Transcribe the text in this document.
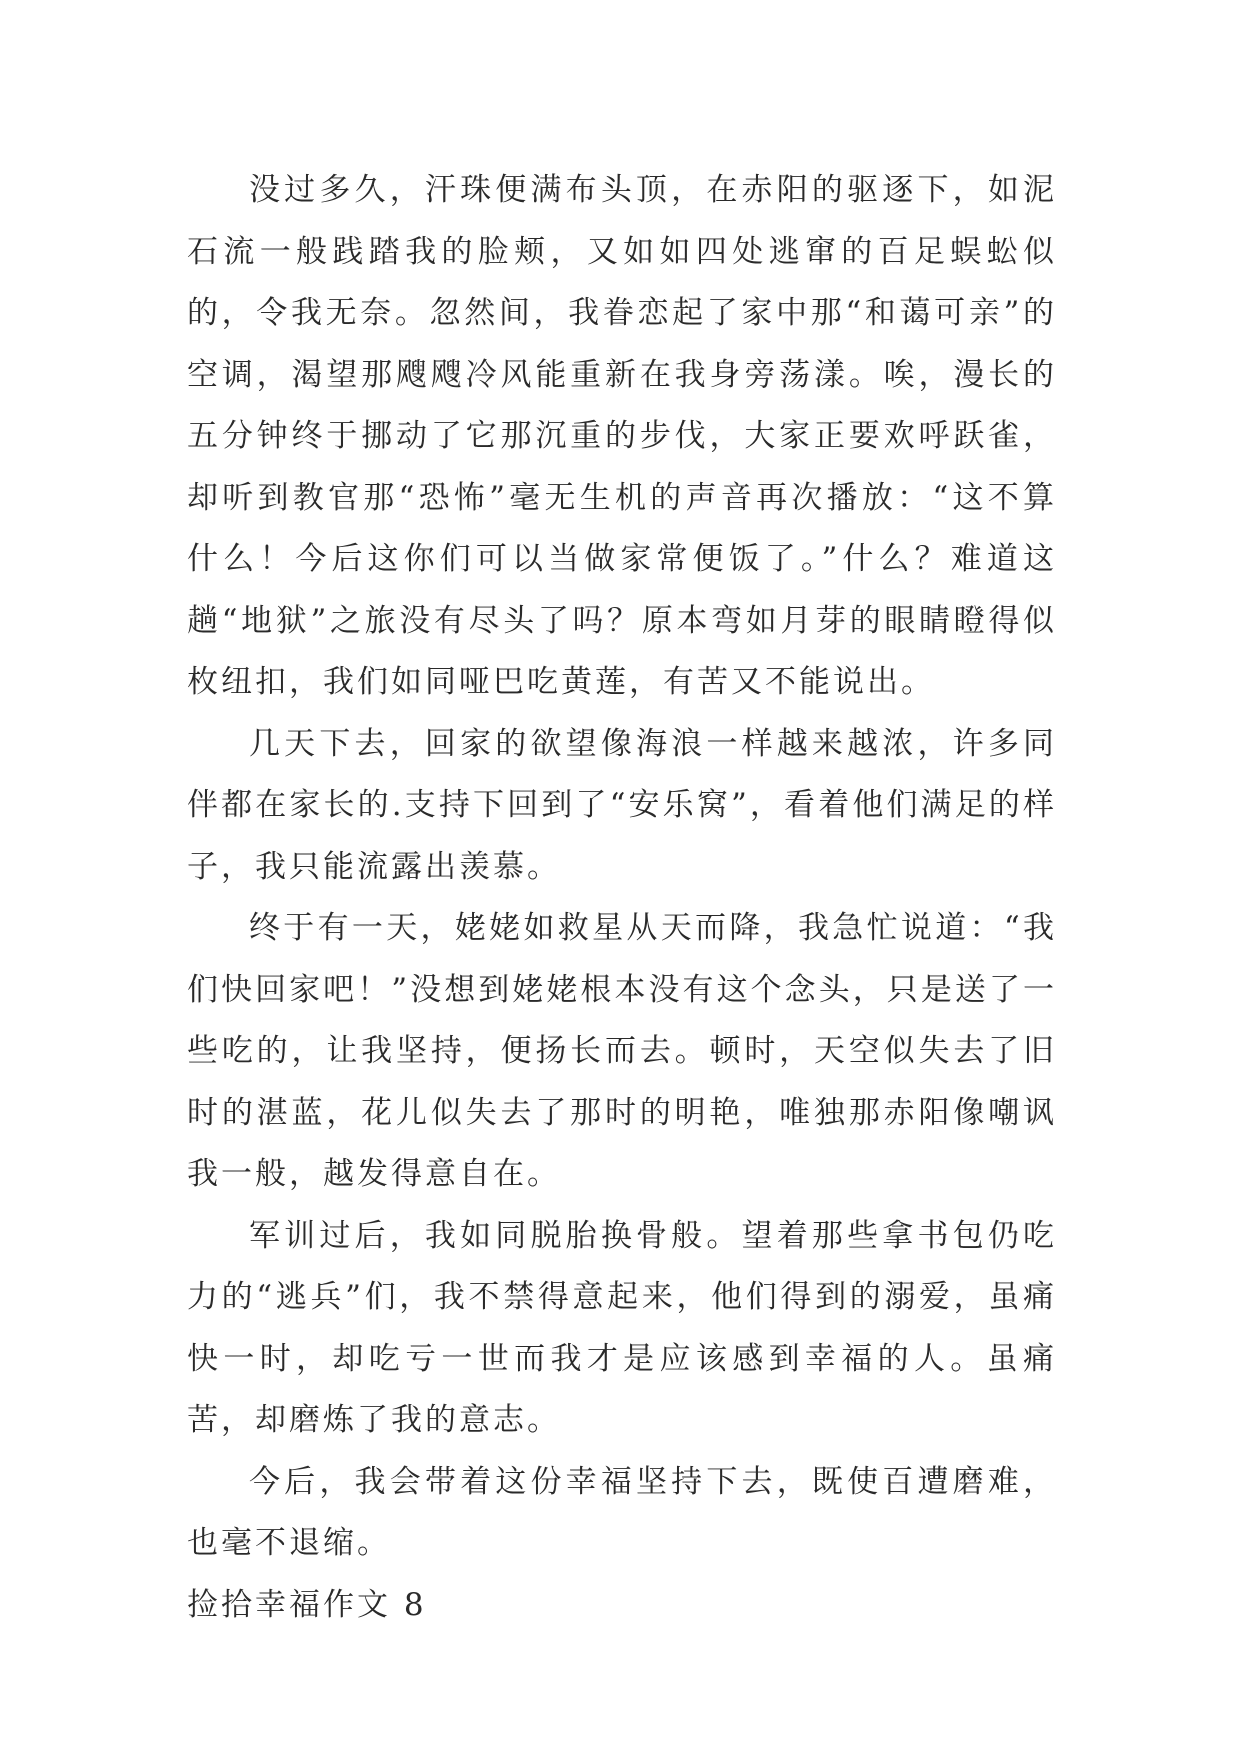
没过多久，汗珠便满布头顶，在赤阳的驱逐下，如泥石流一般践踏我的脸颊，又如如四处逃窜的百足蜈蚣似的，令我无奈。忽然间，我眷恋起了家中那“和蔼可亲”的空调，渴望那飕飕冷风能重新在我身旁荡漾。唉，漫长的五分钟终于挪动了它那沉重的步伐，大家正要欢呼跃雀，却听到教官那“恐怖”毫无生机的声音再次播放：“这不算什么！今后这你们可以当做家常便饭了。”什么？难道这趟“地狱”之旅没有尽头了吗？原本弯如月芽的眼睛瞪得似枚纽扣，我们如同哑巴吃黄莲，有苦又不能说出。

几天下去，回家的欲望像海浪一样越来越浓，许多同伴都在家长的.支持下回到了“安乐窝”，看着他们满足的样子，我只能流露出羡慕。

终于有一天，姥姥如救星从天而降，我急忙说道：“我们快回家吧！”没想到姥姥根本没有这个念头，只是送了一些吃的，让我坚持，便扬长而去。顿时，天空似失去了旧时的湛蓝，花儿似失去了那时的明艳，唯独那赤阳像嘲讽我一般，越发得意自在。

军训过后，我如同脱胎换骨般。望着那些拿书包仍吃力的“逃兵”们，我不禁得意起来，他们得到的溺爱，虽痛快一时，却吃亏一世而我才是应该感到幸福的人。虽痛苦，却磨炼了我的意志。

今后，我会带着这份幸福坚持下去，既使百遭磨难，也毫不退缩。

捡拾幸福作文 8
